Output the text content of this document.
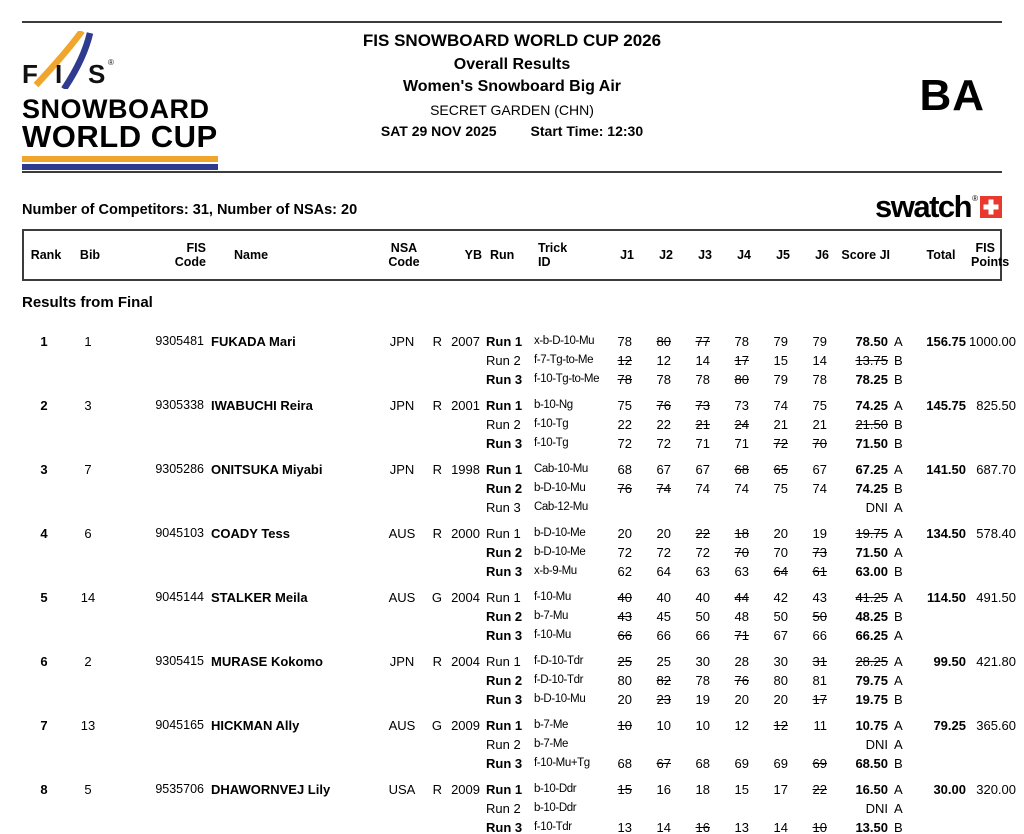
F I S ®
SNOWBOARD
WORLD CUP
FIS SNOWBOARD WORLD CUP 2026
Overall Results
Women's Snowboard Big Air
SECRET GARDEN (CHN)
SAT 29 NOV 2025 Start Time: 12:30
BA
Number of Competitors: 31, Number of NSAs: 20	swatch ®
Rank	Bib	FIS
Code	Name	NSA
Code	YB Run	Trick
ID	J1	J2	J3	J4	J5	J6 Score JI	Total	FIS
Points
Results from Final
1	1	9305481 FUKADA Mari	JPN	R 2007 Run 1	x-b-D-10-Mu	78	80	77	78	79	79	78.50 A	156.75 1000.00
Run 2	f-7-Tg-to-Me	12	12	14	17	15	14	13.75 B
Run 3	f-10-Tg-to-Me	78	78	78	80	79	78	78.25 B
2	3	9305338 IWABUCHI Reira	JPN	R 2001 Run 1	b-10-Ng	75	76	73	73	74	75	74.25 A	145.75 825.50
Run 2	f-10-Tg	22	22	21	24	21	21	21.50 B
Run 3	f-10-Tg	72	72	71	71	72	70	71.50 B
3	7	9305286 ONITSUKA Miyabi	JPN	R 1998 Run 1	Cab-10-Mu	68	67	67	68	65	67	67.25 A	141.50 687.70
Run 2	b-D-10-Mu	76	74	74	74	75	74	74.25 B
Run 3	Cab-12-Mu	DNI A
4	6	9045103 COADY Tess	AUS	R 2000 Run 1	b-D-10-Me	20	20	22	18	20	19	19.75 A	134.50 578.40
Run 2	b-D-10-Me	72	72	72	70	70	73	71.50 A
Run 3	x-b-9-Mu	62	64	63	63	64	61	63.00 B
5	14	9045144 STALKER Meila	AUS	G 2004 Run 1	f-10-Mu	40	40	40	44	42	43	41.25 A	114.50 491.50
Run 2	b-7-Mu	43	45	50	48	50	50	48.25 B
Run 3	f-10-Mu	66	66	66	71	67	66	66.25 A
6	2	9305415 MURASE Kokomo	JPN	R 2004 Run 1	f-D-10-Tdr	25	25	30	28	30	31	28.25 A	99.50 421.80
Run 2	f-D-10-Tdr	80	82	78	76	80	81	79.75 A
Run 3	b-D-10-Mu	20	23	19	20	20	17	19.75 B
7	13	9045165 HICKMAN Ally	AUS	G 2009 Run 1	b-7-Me	10	10	10	12	12	11	10.75 A	79.25 365.60
Run 2	b-7-Me	DNI A
Run 3	f-10-Mu+Tg	68	67	68	69	69	69	68.50 B
8	5	9535706 DHAWORNVEJ Lily	USA	R 2009 Run 1	b-10-Ddr	15	16	18	15	17	22	16.50 A	30.00 320.00
Run 2	b-10-Ddr	DNI A
Run 3	f-10-Tdr	13	14	16	13	14	10	13.50 B
